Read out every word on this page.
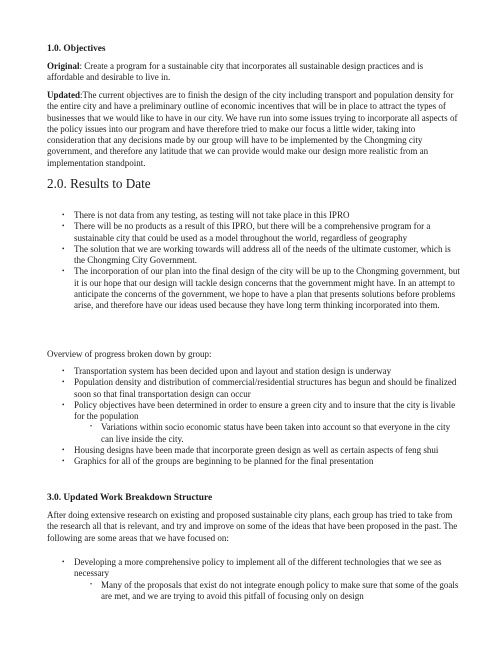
1.0. Objectives

Original: Create a program for a sustainable city that incorporates all sustainable design practices and is affordable and desirable to live in.

Updated:The current objectives are to finish the design of the city including transport and population density for the entire city and have a preliminary outline of economic incentives that will be in place to attract the types of businesses that we would like to have in our city. We have run into some issues trying to incorporate all aspects of the policy issues into our program and have therefore tried to make our focus a little wider, taking into consideration that any decisions made by our group will have to be implemented by the Chongming city government, and therefore any latitude that we can provide would make our design more realistic from an implementation standpoint.

2.0. Results to Date
• There is not data from any testing, as testing will not take place in this IPRO
• There will be no products as a result of this IPRO, but there will be a comprehensive program for a sustainable city that could be used as a model throughout the world, regardless of geography
• The solution that we are working towards will address all of the needs of the ultimate customer, which is the Chongming City Government.
• The incorporation of our plan into the final design of the city will be up to the Chongming government, but it is our hope that our design will tackle design concerns that the government might have. In an attempt to anticipate the concerns of the government, we hope to have a plan that presents solutions before problems arise, and therefore have our ideas used because they have long term thinking incorporated into them.

Overview of progress broken down by group:

• Transportation system has been decided upon and layout and station design is underway
• Population density and distribution of commercial/residential structures has begun and should be finalized soon so that final transportation design can occur
• Policy objectives have been determined in order to ensure a green city and to insure that the city is livable for the population
• Variations within socio economic status have been taken into account so that everyone in the city can live inside the city.
• Housing designs have been made that incorporate green design as well as certain aspects of feng shui
• Graphics for all of the groups are beginning to be planned for the final presentation
3.0. Updated Work Breakdown Structure

After doing extensive research on existing and proposed sustainable city plans, each group has tried to take from the research all that is relevant, and try and improve on some of the ideas that have been proposed in the past. The following are some areas that we have focused on:

• Developing a more comprehensive policy to implement all of the different technologies that we see as necessary
• Many of the proposals that exist do not integrate enough policy to make sure that some of the goals are met, and we are trying to avoid this pitfall of focusing only on design
